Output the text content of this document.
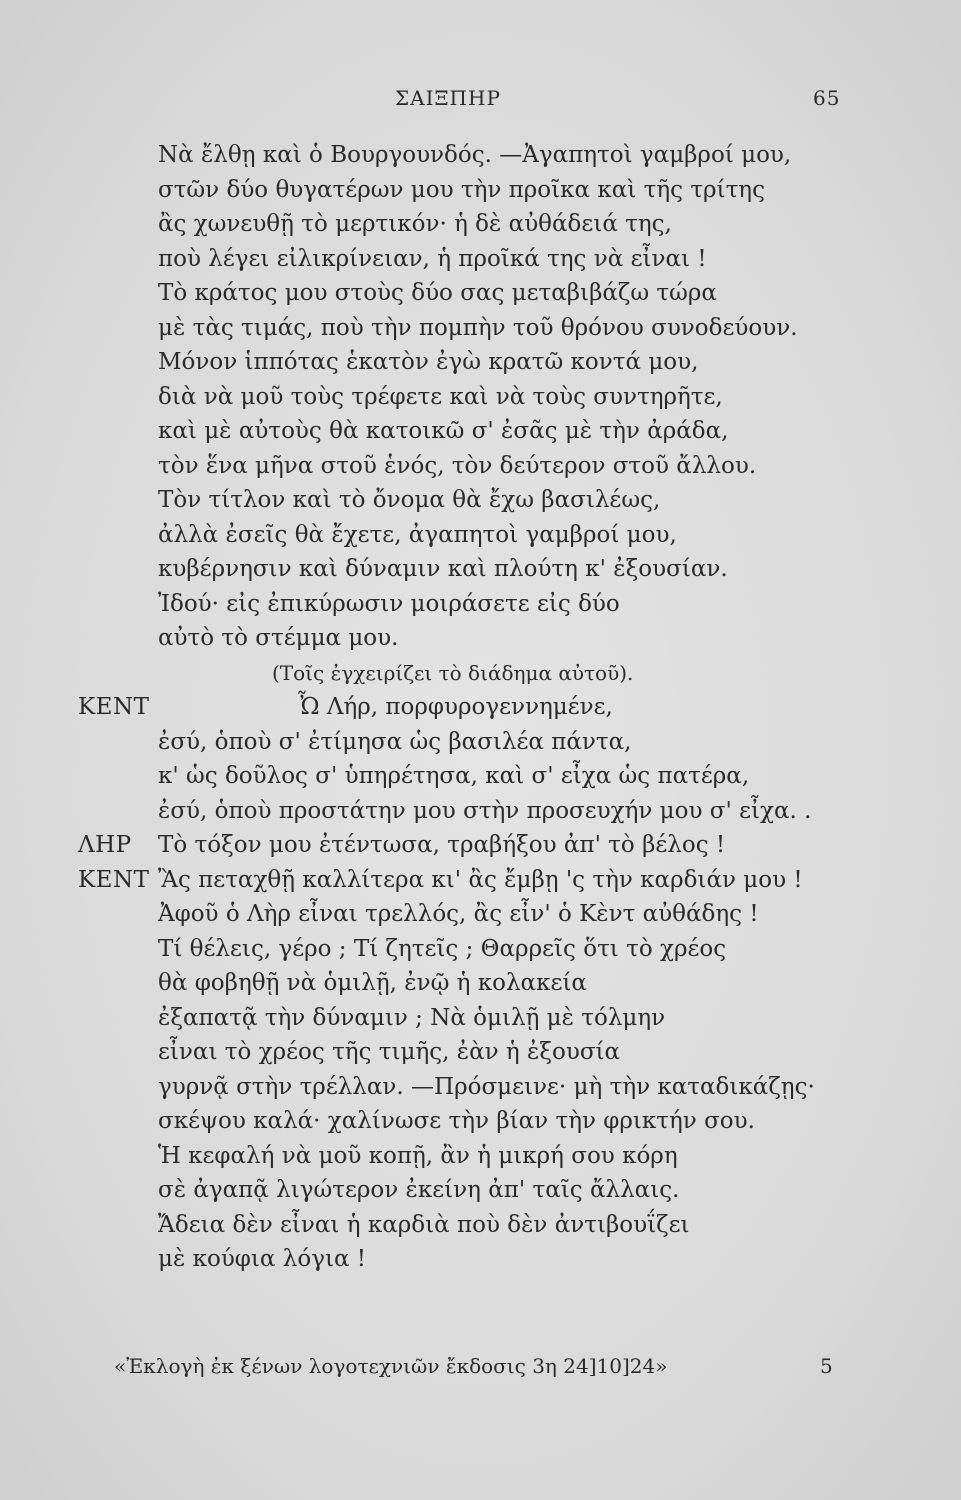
ΣΑΙΞΠΗΡ	65
Νὰ ἔλθῃ καὶ ὁ Βουργουνδός. —Ἀγαπητοὶ γαμβροί μου,
στῶν δύο θυγατέρων μου τὴν προῖκα καὶ τῆς τρίτης
ἂς χωνευθῇ τὸ μερτικόν· ἡ δὲ αὐθάδειά της,
ποὺ λέγει εἰλικρίνειαν, ἡ προῖκά της νὰ εἶναι !
Τὸ κράτος μου στοὺς δύο σας μεταβιβάζω τώρα
μὲ τὰς τιμάς, ποὺ τὴν πομπὴν τοῦ θρόνου συνοδεύουν.
Μόνον ἱππότας ἑκατὸν ἐγὼ κρατῶ κοντά μου,
διὰ νὰ μοῦ τοὺς τρέφετε καὶ νὰ τοὺς συντηρῆτε,
καὶ μὲ αὐτοὺς θὰ κατοικῶ σ' ἐσᾶς μὲ τὴν ἀράδα,
τὸν ἕνα μῆνα στοῦ ἑνός, τὸν δεύτερον στοῦ ἄλλου.
Τὸν τίτλον καὶ τὸ ὄνομα θὰ ἔχω βασιλέως,
ἀλλὰ ἐσεῖς θὰ ἔχετε, ἀγαπητοὶ γαμβροί μου,
κυβέρνησιν καὶ δύναμιν καὶ πλούτη κ' ἐξουσίαν.
Ἰδού· εἰς ἐπικύρωσιν μοιράσετε εἰς δύο
αὐτὸ τὸ στέμμα μου.
(Τοῖς ἐγχειρίζει τὸ διάδημα αὐτοῦ).
ΚΕΝΤ	Ὦ Λήρ, πορφυρογεννημένε,
ἐσύ, ὁποὺ σ' ἐτίμησα ὡς βασιλέα πάντα,
κ' ὡς δοῦλος σ' ὑπηρέτησα, καὶ σ' εἶχα ὡς πατέρα,
ἐσύ, ὁποὺ προστάτην μου στὴν προσευχήν μου σ' εἶχα. .
ΛΗΡ Τὸ τόξον μου ἐτέντωσα, τραβήξου ἀπ' τὸ βέλος !
ΚΕΝΤ Ἂς πεταχθῇ καλλίτερα κι' ἂς ἔμβῃ 'ς τὴν καρδιάν μου !
Ἀφοῦ ὁ Λὴρ εἶναι τρελλός, ἂς εἶν' ὁ Κὲντ αὐθάδης !
Τί θέλεις, γέρο ; Τί ζητεῖς ; Θαρρεῖς ὅτι τὸ χρέος
θὰ φοβηθῇ νὰ ὁμιλῇ, ἐνῷ ἡ κολακεία
ἐξαπατᾷ τὴν δύναμιν ; Νὰ ὁμιλῇ μὲ τόλμην
εἶναι τὸ χρέος τῆς τιμῆς, ἐὰν ἡ ἐξουσία
γυρνᾷ στὴν τρέλλαν. —Πρόσμεινε· μὴ τὴν καταδικάζῃς·
σκέψου καλά· χαλίνωσε τὴν βίαν τὴν φρικτήν σου.
Ἡ κεφαλή νὰ μοῦ κοπῇ, ἂν ἡ μικρή σου κόρη
σὲ ἀγαπᾷ λιγώτερον ἐκείνη ἀπ' ταῖς ἄλλαις.
Ἄδεια δὲν εἶναι ἡ καρδιὰ ποὺ δὲν ἀντιβουΐζει
μὲ κούφια λόγια !
«Ἐκλογὴ ἐκ ξένων λογοτεχνιῶν ἔκδοσις 3η 24]10]24»	5
